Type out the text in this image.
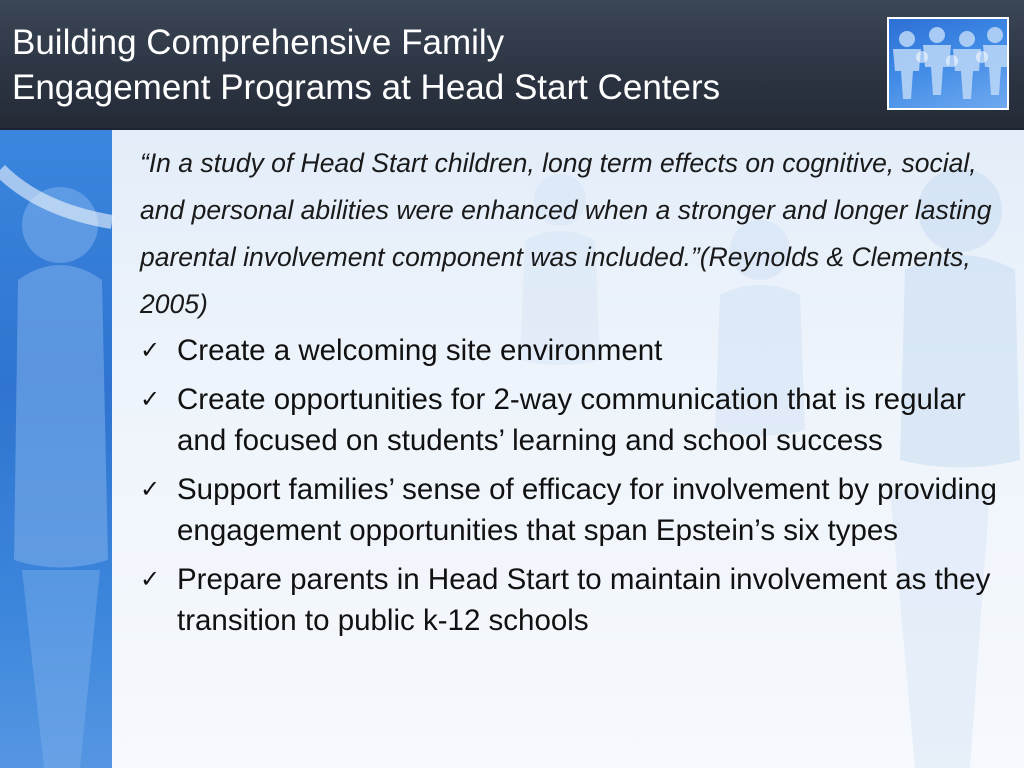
Building Comprehensive Family
Engagement Programs at Head Start Centers

“In a study of Head Start children, long term effects on cognitive, social, and personal abilities were enhanced when a stronger and longer lasting parental involvement component was included.”(Reynolds & Clements, 2005)

✓ Create a welcoming site environment
✓ Create opportunities for 2-way communication that is regular and focused on students’ learning and school success
✓ Support families’ sense of efficacy for involvement by providing engagement opportunities that span Epstein’s six types
✓ Prepare parents in Head Start to maintain involvement as they transition to public k-12 schools
